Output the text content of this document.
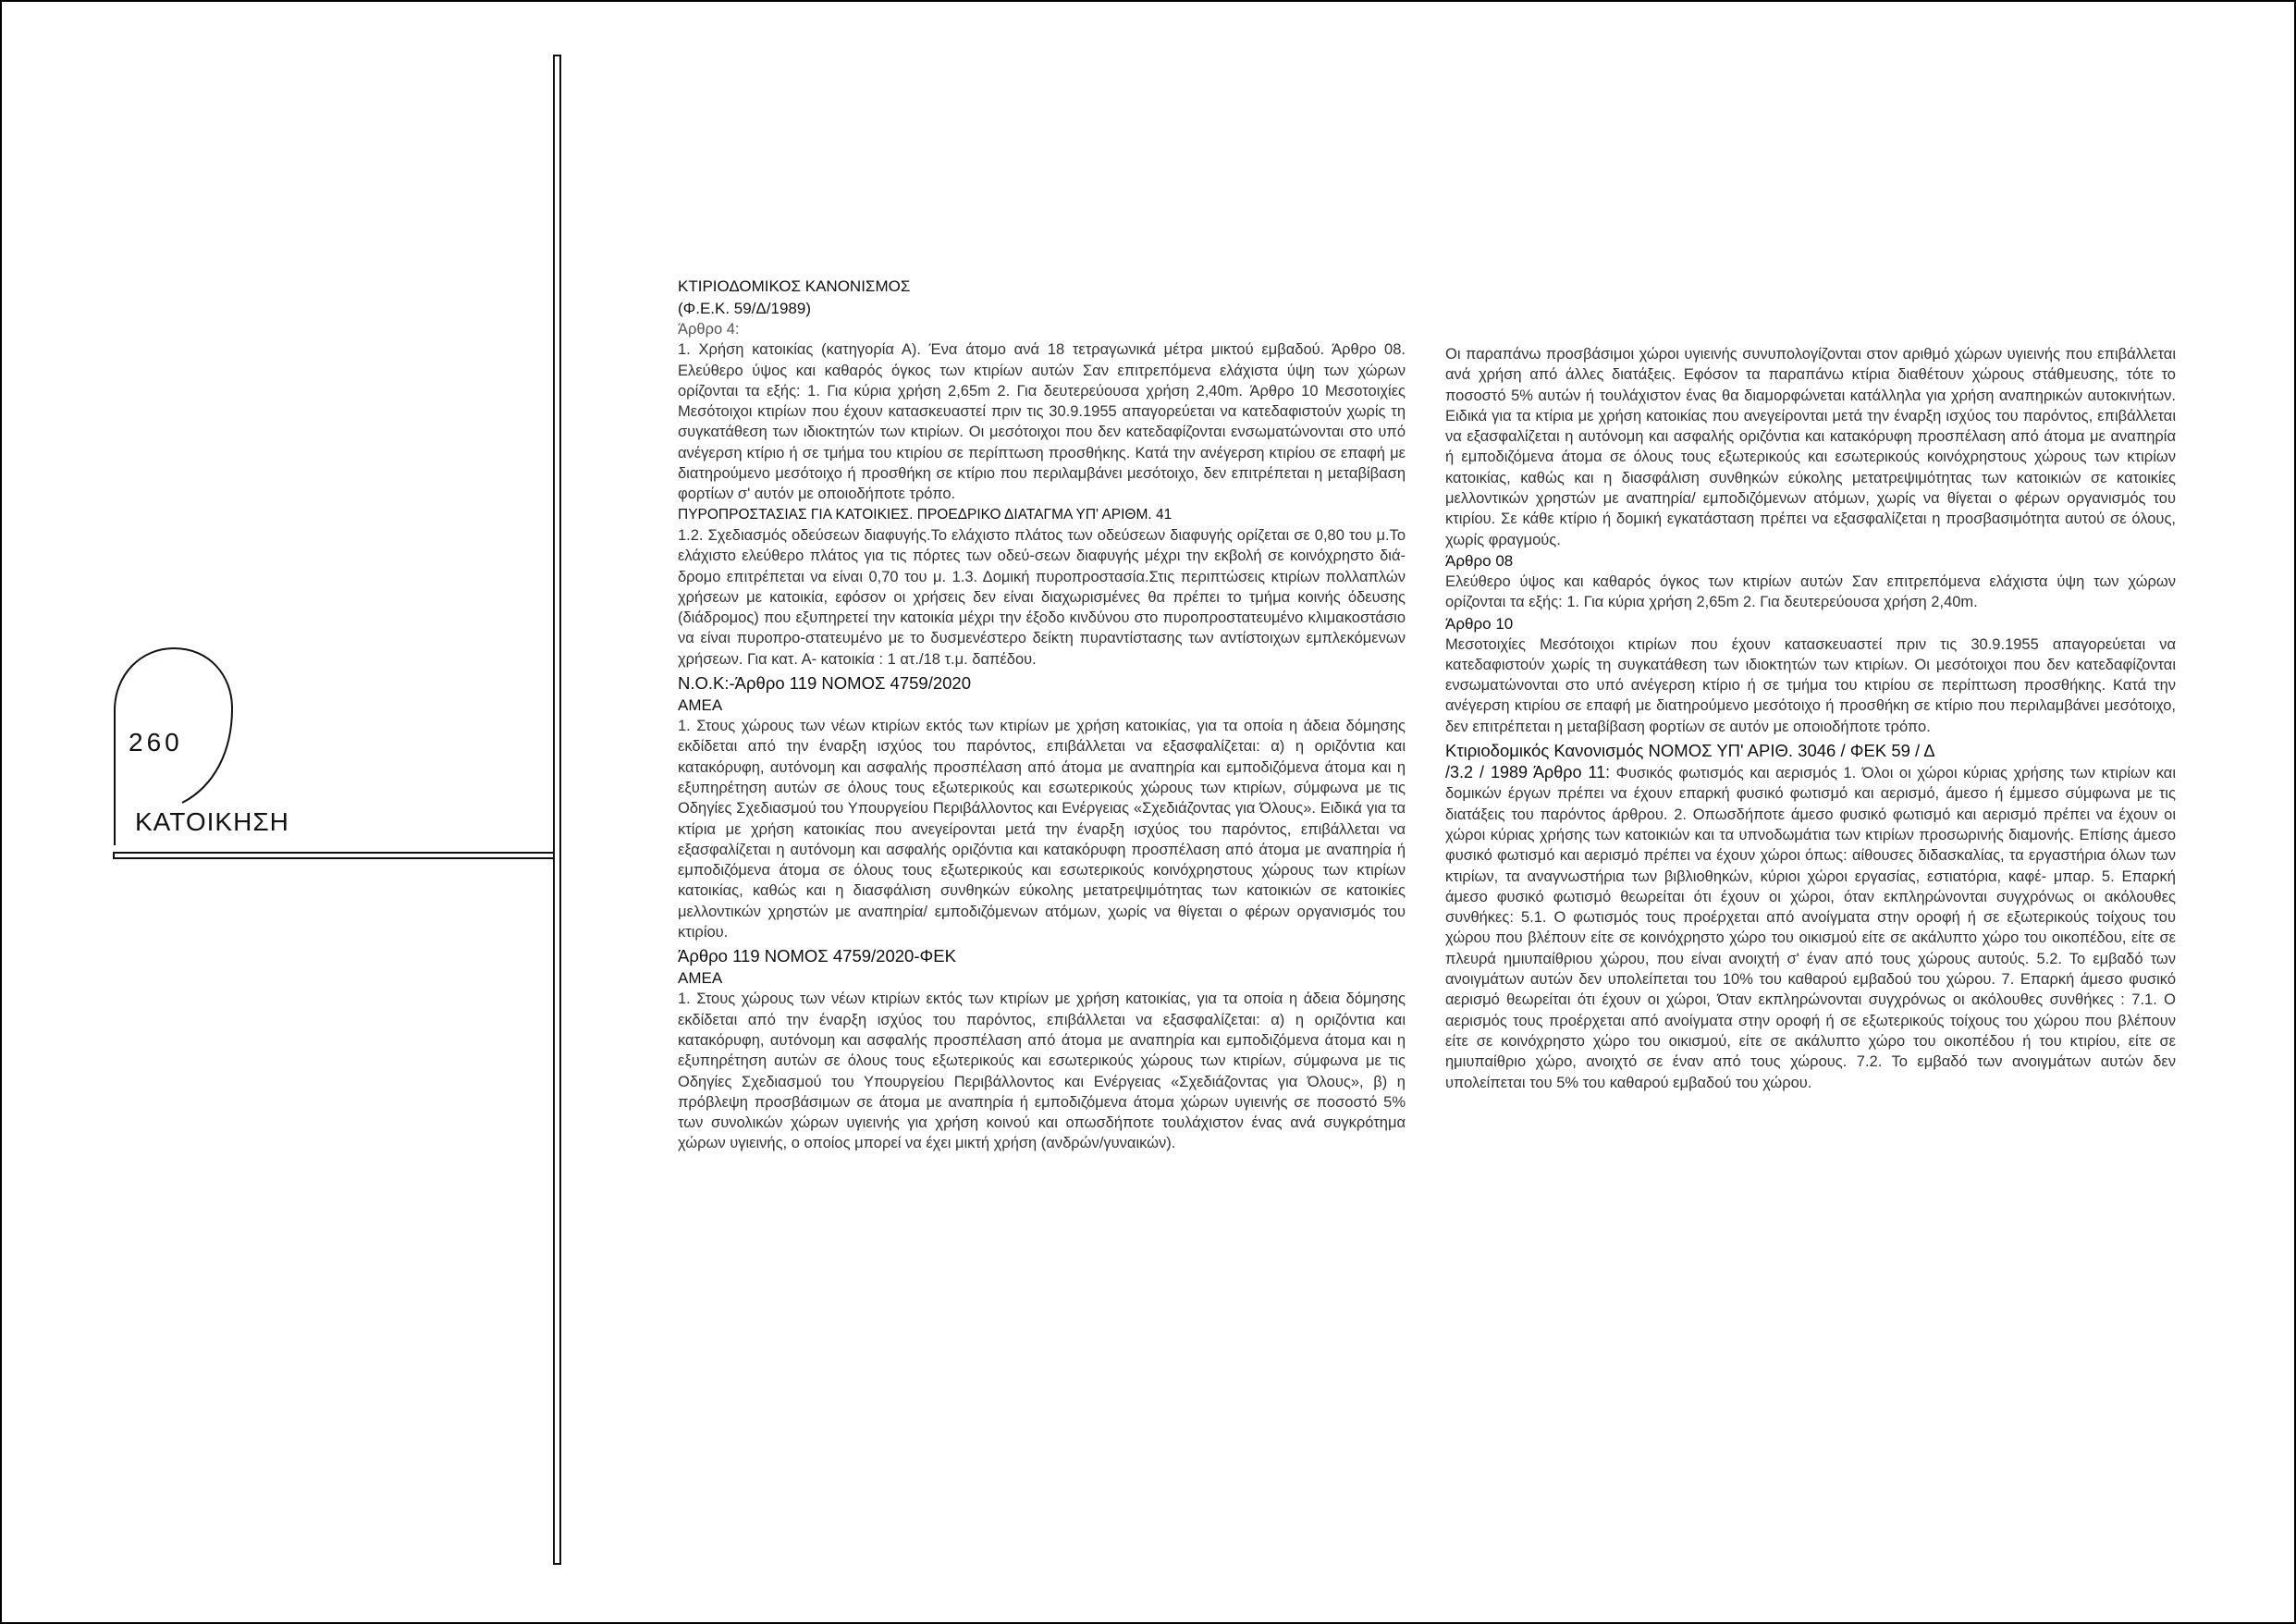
260
ΚΑΤΟΙΚΗΣΗ
ΚΤΙΡΙΟΔΟΜΙΚΟΣ ΚΑΝΟΝΙΣΜΟΣ
(Φ.Ε.Κ. 59/Δ/1989)
Άρθρο 4:

1. Χρήση κατοικίας (κατηγορία Α). Ένα άτομο ανά 18 τετραγωνικά μέτρα μικτού εμβαδού. Άρθρο 08. Ελεύθερο ύψος και καθαρός όγκος των κτιρίων αυτών Σαν επιτρεπόμενα ελάχιστα ύψη των χώρων ορίζονται τα εξής: 1. Για κύρια χρήση 2,65m 2. Για δευτερεύουσα χρήση 2,40m. Άρθρο 10 Μεσοτοιχίες Μεσότοιχοι κτιρίων που έχουν κατασκευαστεί πριν τις 30.9.1955 απαγορεύεται να κατεδαφιστούν χωρίς τη συγκατάθεση των ιδιοκτητών των κτιρίων. Οι μεσότοιχοι που δεν κατεδαφίζονται ενσωματώνονται στο υπό ανέγερση κτίριο ή σε τμήμα του κτιρίου σε περίπτωση προσθήκης. Κατά την ανέγερση κτιρίου σε επαφή με διατηρούμενο μεσότοιχο ή προσθήκη σε κτίριο που περιλαμβάνει μεσότοιχο, δεν επιτρέπεται η μεταβίβαση φορτίων σ' αυτόν με οποιοδήποτε τρόπο.

ΠΥΡΟΠΡΟΣΤΑΣΙΑΣ ΓΙΑ ΚΑΤΟΙΚΙΕΣ. ΠΡΟΕΔΡΙΚΟ ΔΙΑΤΑΓΜΑ ΥΠ' ΑΡΙΘΜ. 41

1.2. Σχεδιασμός οδεύσεων διαφυγής.Το ελάχιστο πλάτος των οδεύσεων διαφυγής ορίζεται σε 0,80 του μ.Το ελάχιστο ελεύθερο πλάτος για τις πόρτες των οδεύ-σεων διαφυγής μέχρι την εκβολή σε κοινόχρηστο διά-δρομο επιτρέπεται να είναι 0,70 του μ. 1.3. Δομική πυροπροστασία.Στις περιπτώσεις κτιρίων πολλαπλών χρήσεων με κατοικία, εφόσον οι χρήσεις δεν είναι διαχωρισμένες θα πρέπει το τμήμα κοινής όδευσης (διάδρομος) που εξυπηρετεί την κατοικία μέχρι την έξοδο κινδύνου στο πυροπροστατευμένο κλιμακοστάσιο να είναι πυροπρο-στατευμένο με το δυσμενέστερο δείκτη πυραντίστασης των αντίστοιχων εμπλεκόμενων χρήσεων. Για κατ. Α- κατοικία : 1 ατ./18 τ.μ. δαπέδου.

Ν.Ο.Κ:-Άρθρο 119 ΝΟΜΟΣ 4759/2020
ΑΜΕΑ

1. Στους χώρους των νέων κτιρίων εκτός των κτιρίων με χρήση κατοικίας, για τα οποία η άδεια δόμησης εκδίδεται από την έναρξη ισχύος του παρόντος, επιβάλλεται να εξασφαλίζεται: α) η οριζόντια και κατακόρυφη, αυτόνομη και ασφαλής προσπέλαση από άτομα με αναπηρία και εμποδιζόμενα άτομα και η εξυπηρέτηση αυτών σε όλους τους εξωτερικούς και εσωτερικούς χώρους των κτιρίων, σύμφωνα με τις Οδηγίες Σχεδιασμού του Υπουργείου Περιβάλλοντος και Ενέργειας «Σχεδιάζοντας για Όλους». Ειδικά για τα κτίρια με χρήση κατοικίας που ανεγείρονται μετά την έναρξη ισχύος του παρόντος, επιβάλλεται να εξασφαλίζεται η αυτόνομη και ασφαλής οριζόντια και κατακόρυφη προσπέλαση από άτομα με αναπηρία ή εμποδιζόμενα άτομα σε όλους τους εξωτερικούς και εσωτερικούς κοινόχρηστους χώρους των κτιρίων κατοικίας, καθώς και η διασφάλιση συνθηκών εύκολης μετατρεψιμότητας των κατοικιών σε κατοικίες μελλοντικών χρηστών με αναπηρία/ εμποδιζόμενων ατόμων, χωρίς να θίγεται ο φέρων οργανισμός του κτιρίου.

Άρθρο 119 ΝΟΜΟΣ 4759/2020-ΦΕΚ
ΑΜΕΑ

1. Στους χώρους των νέων κτιρίων εκτός των κτιρίων με χρήση κατοικίας, για τα οποία η άδεια δόμησης εκδίδεται από την έναρξη ισχύος του παρόντος, επιβάλλεται να εξασφαλίζεται: α) η οριζόντια και κατακόρυφη, αυτόνομη και ασφαλής προσπέλαση από άτομα με αναπηρία και εμποδιζόμενα άτομα και η εξυπηρέτηση αυτών σε όλους τους εξωτερικούς και εσωτερικούς χώρους των κτιρίων, σύμφωνα με τις Οδηγίες Σχεδιασμού του Υπουργείου Περιβάλλοντος και Ενέργειας «Σχεδιάζοντας για Όλους», β) η πρόβλεψη προσβάσιμων σε άτομα με αναπηρία ή εμποδιζόμενα άτομα χώρων υγιεινής σε ποσοστό 5% των συνολικών χώρων υγιεινής για χρήση κοινού και οπωσδήποτε τουλάχιστον ένας ανά συγκρότημα χώρων υγιεινής, ο οποίος μπορεί να έχει μικτή χρήση (ανδρών/γυναικών).

Οι παραπάνω προσβάσιμοι χώροι υγιεινής συνυπολογίζονται στον αριθμό χώρων υγιεινής που επιβάλλεται ανά χρήση από άλλες διατάξεις. Εφόσον τα παραπάνω κτίρια διαθέτουν χώρους στάθμευσης, τότε το ποσοστό 5% αυτών ή τουλάχιστον ένας θα διαμορφώνεται κατάλληλα για χρήση αναπηρικών αυτοκινήτων. Ειδικά για τα κτίρια με χρήση κατοικίας που ανεγείρονται μετά την έναρξη ισχύος του παρόντος, επιβάλλεται να εξασφαλίζεται η αυτόνομη και ασφαλής οριζόντια και κατακόρυφη προσπέλαση από άτομα με αναπηρία ή εμποδιζόμενα άτομα σε όλους τους εξωτερικούς και εσωτερικούς κοινόχρηστους χώρους των κτιρίων κατοικίας, καθώς και η διασφάλιση συνθηκών εύκολης μετατρεψιμότητας των κατοικιών σε κατοικίες μελλοντικών χρηστών με αναπηρία/ εμποδιζόμενων ατόμων, χωρίς να θίγεται ο φέρων οργανισμός του κτιρίου. Σε κάθε κτίριο ή δομική εγκατάσταση πρέπει να εξασφαλίζεται η προσβασιμότητα αυτού σε όλους, χωρίς φραγμούς.

Άρθρο 08

Ελεύθερο ύψος και καθαρός όγκος των κτιρίων αυτών Σαν επιτρεπόμενα ελάχιστα ύψη των χώρων ορίζονται τα εξής: 1. Για κύρια χρήση 2,65m 2. Για δευτερεύουσα χρήση 2,40m.

Άρθρο 10

Μεσοτοιχίες Μεσότοιχοι κτιρίων που έχουν κατασκευαστεί πριν τις 30.9.1955 απαγορεύεται να κατεδαφιστούν χωρίς τη συγκατάθεση των ιδιοκτητών των κτιρίων. Οι μεσότοιχοι που δεν κατεδαφίζονται ενσωματώνονται στο υπό ανέγερση κτίριο ή σε τμήμα του κτιρίου σε περίπτωση προσθήκης. Κατά την ανέγερση κτιρίου σε επαφή με διατηρούμενο μεσότοιχο ή προσθήκη σε κτίριο που περιλαμβάνει μεσότοιχο, δεν επιτρέπεται η μεταβίβαση φορτίων σε αυτόν με οποιοδήποτε τρόπο.

Κτιριοδομικός Κανονισμός ΝΟΜΟΣ ΥΠ' ΑΡΙΘ. 3046 / ΦΕΚ 59 / Δ

/3.2 / 1989 Άρθρο 11: Φυσικός φωτισμός και αερισμός 1. Όλοι οι χώροι κύριας χρήσης των κτιρίων και δομικών έργων πρέπει να έχουν επαρκή φυσικό φωτισμό και αερισμό, άμεσο ή έμμεσο σύμφωνα με τις διατάξεις του παρόντος άρθρου. 2. Οπωσδήποτε άμεσο φυσικό φωτισμό και αερισμό πρέπει να έχουν οι χώροι κύριας χρήσης των κατοικιών και τα υπνοδωμάτια των κτιρίων προσωρινής διαμονής. Επίσης άμεσο φυσικό φωτισμό και αερισμό πρέπει να έχουν χώροι όπως: αίθουσες διδασκαλίας, τα εργαστήρια όλων των κτιρίων, τα αναγνωστήρια των βιβλιοθηκών, κύριοι χώροι εργασίας, εστιατόρια, καφέ- μπαρ. 5. Επαρκή άμεσο φυσικό φωτισμό θεωρείται ότι έχουν οι χώροι, όταν εκπληρώνονται συγχρόνως οι ακόλουθες συνθήκες: 5.1. Ο φωτισμός τους προέρχεται από ανοίγματα στην οροφή ή σε εξωτερικούς τοίχους του χώρου που βλέπουν είτε σε κοινόχρηστο χώρο του οικισμού είτε σε ακάλυπτο χώρο του οικοπέδου, είτε σε πλευρά ημιυπαίθριου χώρου, που είναι ανοιχτή σ' έναν από τους χώρους αυτούς. 5.2. Το εμβαδό των ανοιγμάτων αυτών δεν υπολείπεται του 10% του καθαρού εμβαδού του χώρου. 7. Επαρκή άμεσο φυσικό αερισμό θεωρείται ότι έχουν οι χώροι, Όταν εκπληρώνονται συγχρόνως οι ακόλουθες συνθήκες : 7.1. Ο αερισμός τους προέρχεται από ανοίγματα στην οροφή ή σε εξωτερικούς τοίχους του χώρου που βλέπουν είτε σε κοινόχρηστο χώρο του οικισμού, είτε σε ακάλυπτο χώρο του οικοπέδου ή του κτιρίου, είτε σε ημιυπαίθριο χώρο, ανοιχτό σε έναν από τους χώρους. 7.2. Το εμβαδό των ανοιγμάτων αυτών δεν υπολείπεται του 5% του καθαρού εμβαδού του χώρου.
